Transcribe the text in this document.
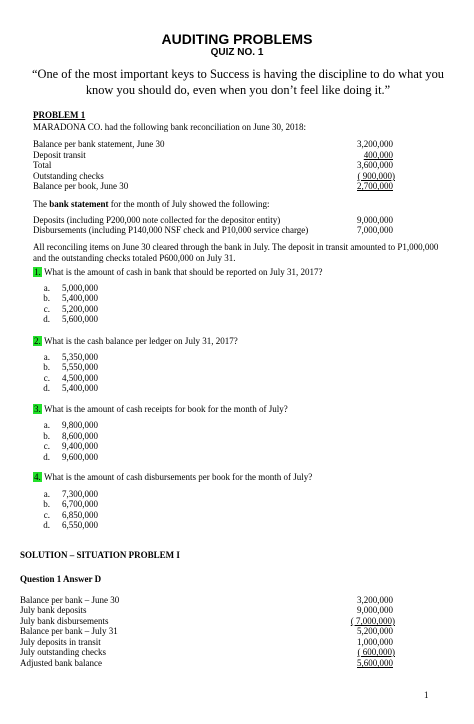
AUDITING PROBLEMS
QUIZ NO. 1
“One of the most important keys to Success is having the discipline to do what you know you should do, even when you don’t feel like doing it.”
PROBLEM 1
MARADONA CO. had the following bank reconciliation on June 30, 2018:
Balance per bank statement, June 30	3,200,000
Deposit transit	400,000
Total	3,600,000
Outstanding checks	( 900,000)
Balance per book, June 30	2,700,000
The bank statement for the month of July showed the following:
Deposits (including P200,000 note collected for the depositor entity)	9,000,000
Disbursements (including P140,000 NSF check and P10,000 service charge)	7,000,000
All reconciling items on June 30 cleared through the bank in July. The deposit in transit amounted to P1,000,000 and the outstanding checks totaled P600,000 on July 31.
1. What is the amount of cash in bank that should be reported on July 31, 2017?
a. 5,000,000
b. 5,400,000
c. 5,200,000
d. 5,600,000
2. What is the cash balance per ledger on July 31, 2017?
a. 5,350,000
b. 5,550,000
c. 4,500,000
d. 5,400,000
3. What is the amount of cash receipts for book for the month of July?
a. 9,800,000
b. 8,600,000
c. 9,400,000
d. 9,600,000
4. What is the amount of cash disbursements per book for the month of July?
a. 7,300,000
b. 6,700,000
c. 6,850,000
d. 6,550,000
SOLUTION – SITUATION PROBLEM I
Question 1 Answer D
Balance per bank – June 30	3,200,000
July bank deposits	9,000,000
July bank disbursements	( 7,000,000)
Balance per bank – July 31	5,200,000
July deposits in transit	1,000,000
July outstanding checks	( 600,000)
Adjusted bank balance	5,600,000
1
